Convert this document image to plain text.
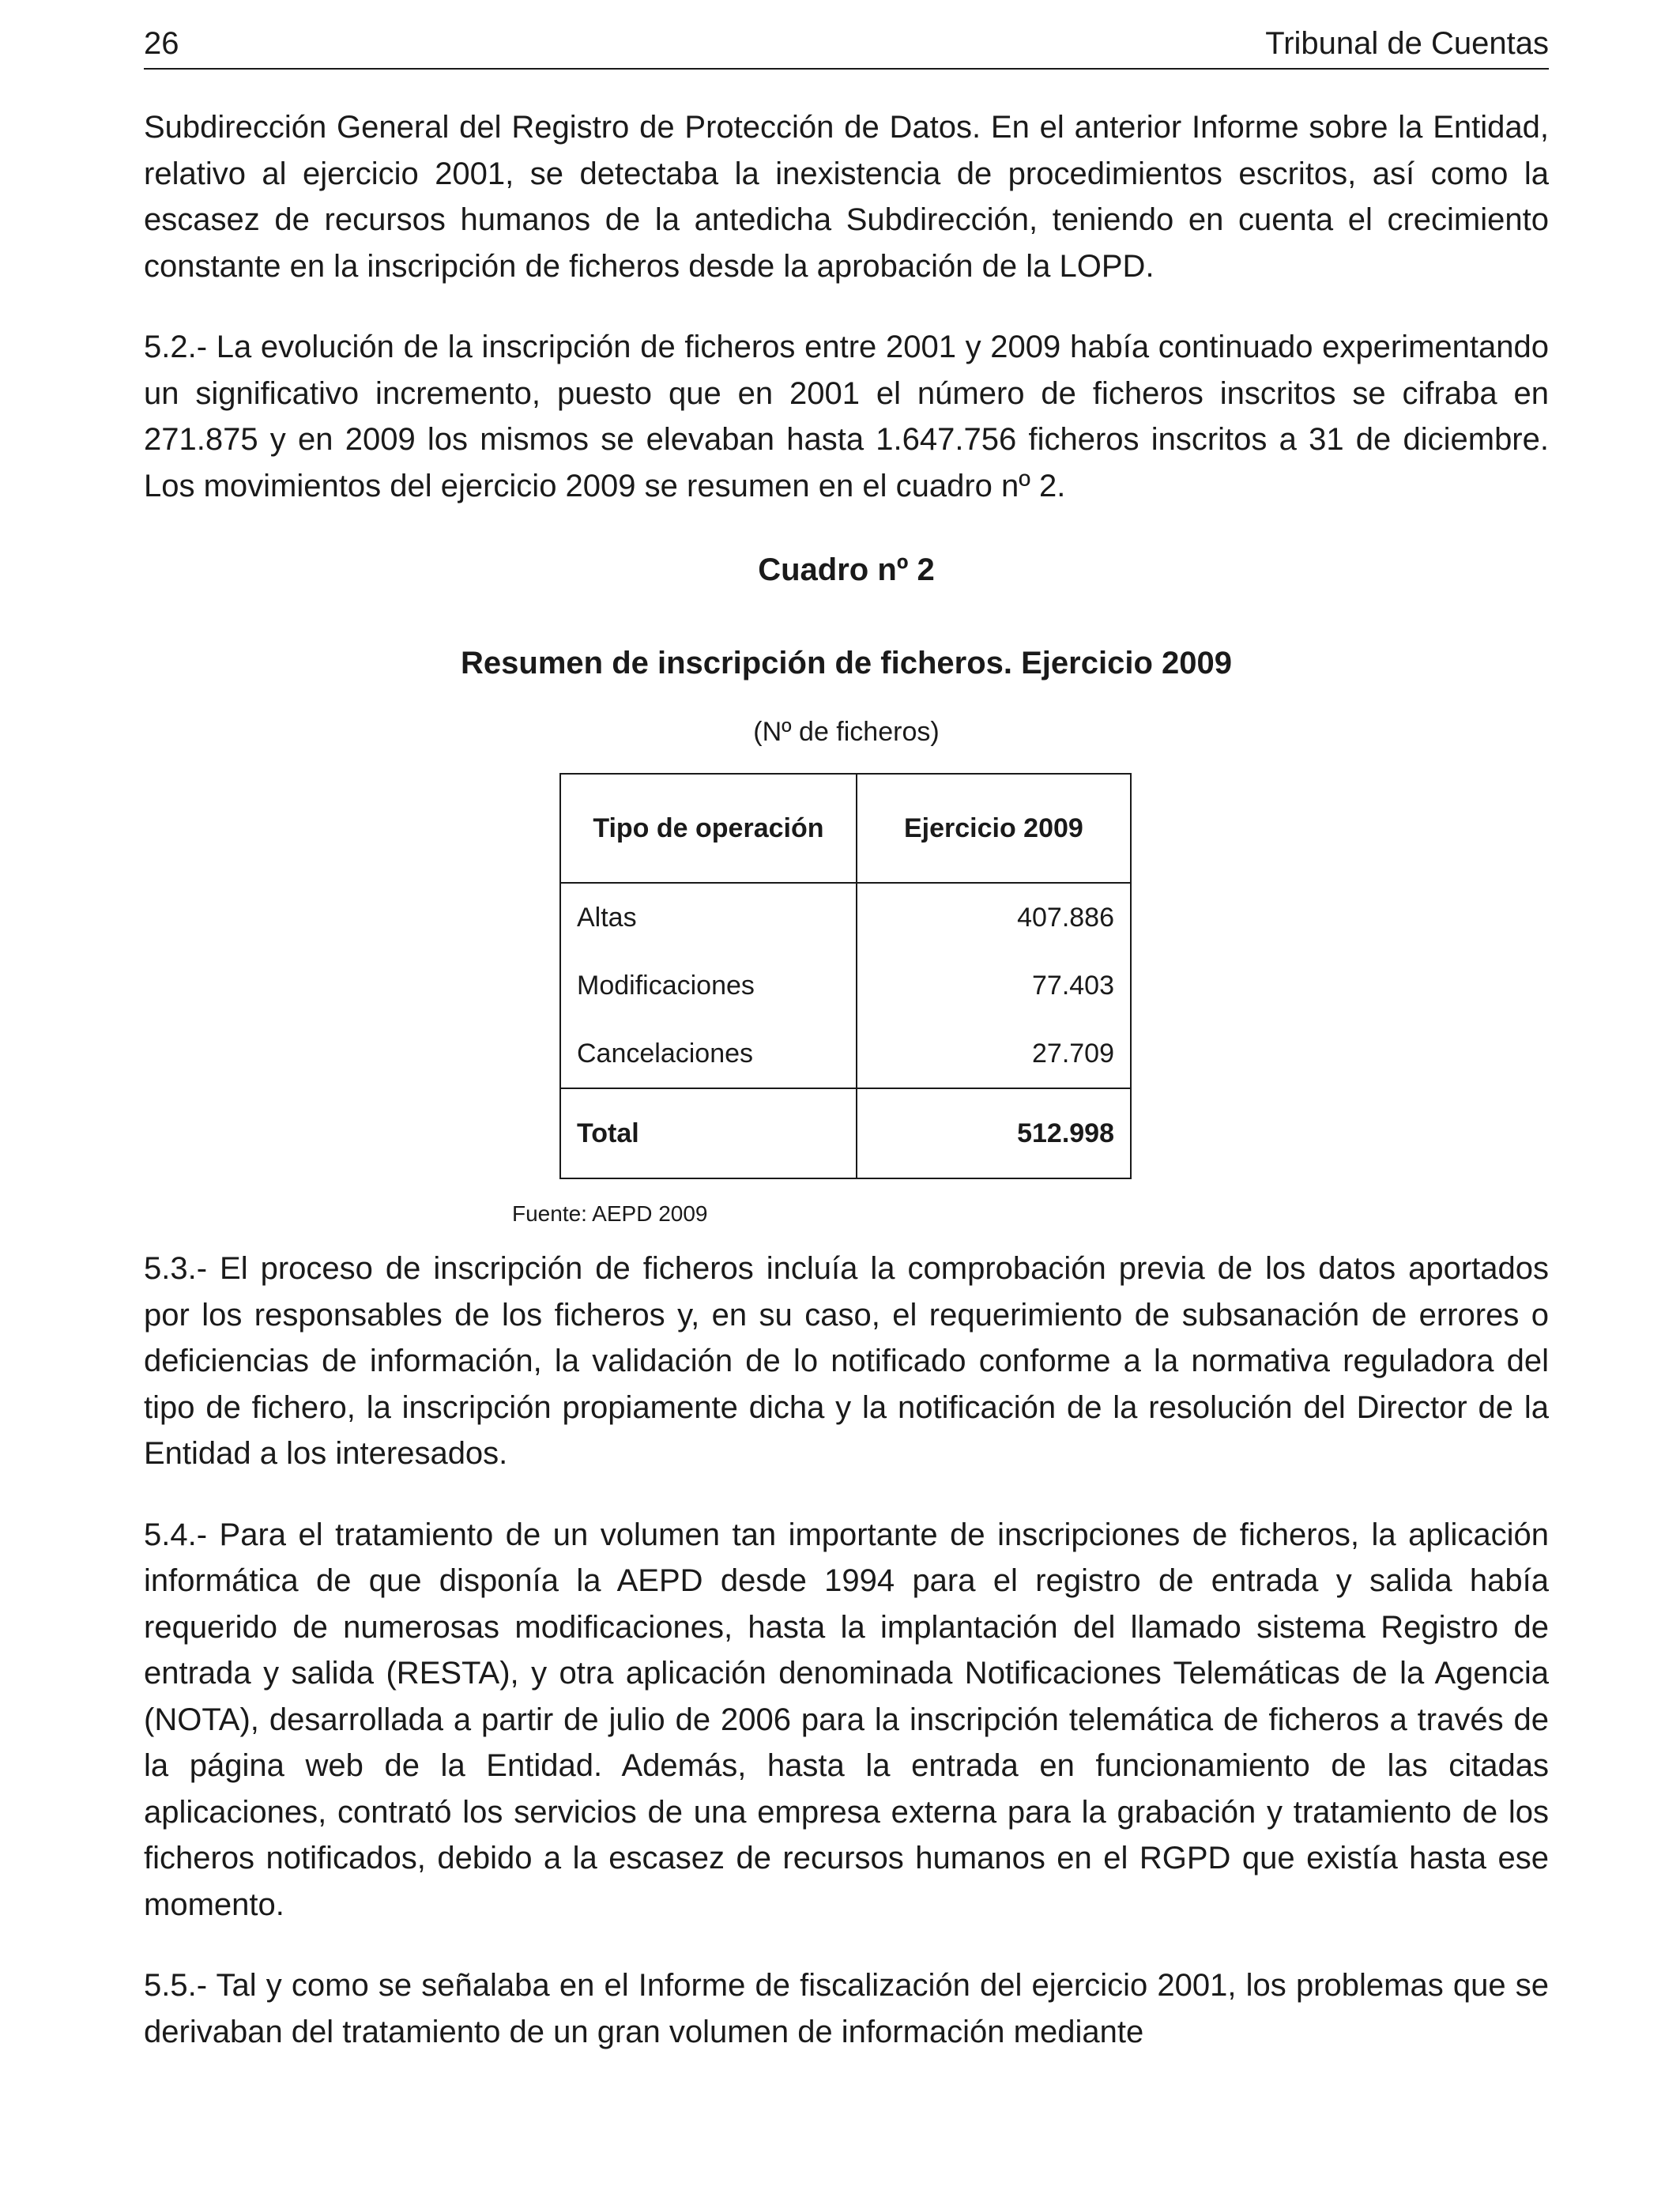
26	Tribunal de Cuentas

Subdirección General del Registro de Protección de Datos. En el anterior Informe sobre la Entidad, relativo al ejercicio 2001, se detectaba la inexistencia de procedimientos escritos, así como la escasez de recursos humanos de la antedicha Subdirección, teniendo en cuenta el crecimiento constante en la inscripción de ficheros desde la aprobación de la LOPD.

5.2.- La evolución de la inscripción de ficheros entre 2001 y 2009 había continuado experimentando un significativo incremento, puesto que en 2001 el número de ficheros inscritos se cifraba en 271.875 y en 2009 los mismos se elevaban hasta 1.647.756 ficheros inscritos a 31 de diciembre. Los movimientos del ejercicio 2009 se resumen en el cuadro nº 2.

Cuadro nº 2

Resumen de inscripción de ficheros. Ejercicio 2009

(Nº de ficheros)
Tipo de operación	Ejercicio 2009
Altas	407.886
Modificaciones	77.403
Cancelaciones	27.709
Total	512.998
Fuente: AEPD 2009

5.3.- El proceso de inscripción de ficheros incluía la comprobación previa de los datos aportados por los responsables de los ficheros y, en su caso, el requerimiento de subsanación de errores o deficiencias de información, la validación de lo notificado conforme a la normativa reguladora del tipo de fichero, la inscripción propiamente dicha y la notificación de la resolución del Director de la Entidad a los interesados.

5.4.- Para el tratamiento de un volumen tan importante de inscripciones de ficheros, la aplicación informática de que disponía la AEPD desde 1994 para el registro de entrada y salida había requerido de numerosas modificaciones, hasta la implantación del llamado sistema Registro de entrada y salida (RESTA), y otra aplicación denominada Notificaciones Telemáticas de la Agencia (NOTA), desarrollada a partir de julio de 2006 para la inscripción telemática de ficheros a través de la página web de la Entidad. Además, hasta la entrada en funcionamiento de las citadas aplicaciones, contrató los servicios de una empresa externa para la grabación y tratamiento de los ficheros notificados, debido a la escasez de recursos humanos en el RGPD que existía hasta ese momento.

5.5.- Tal y como se señalaba en el Informe de fiscalización del ejercicio 2001, los problemas que se derivaban del tratamiento de un gran volumen de información mediante
